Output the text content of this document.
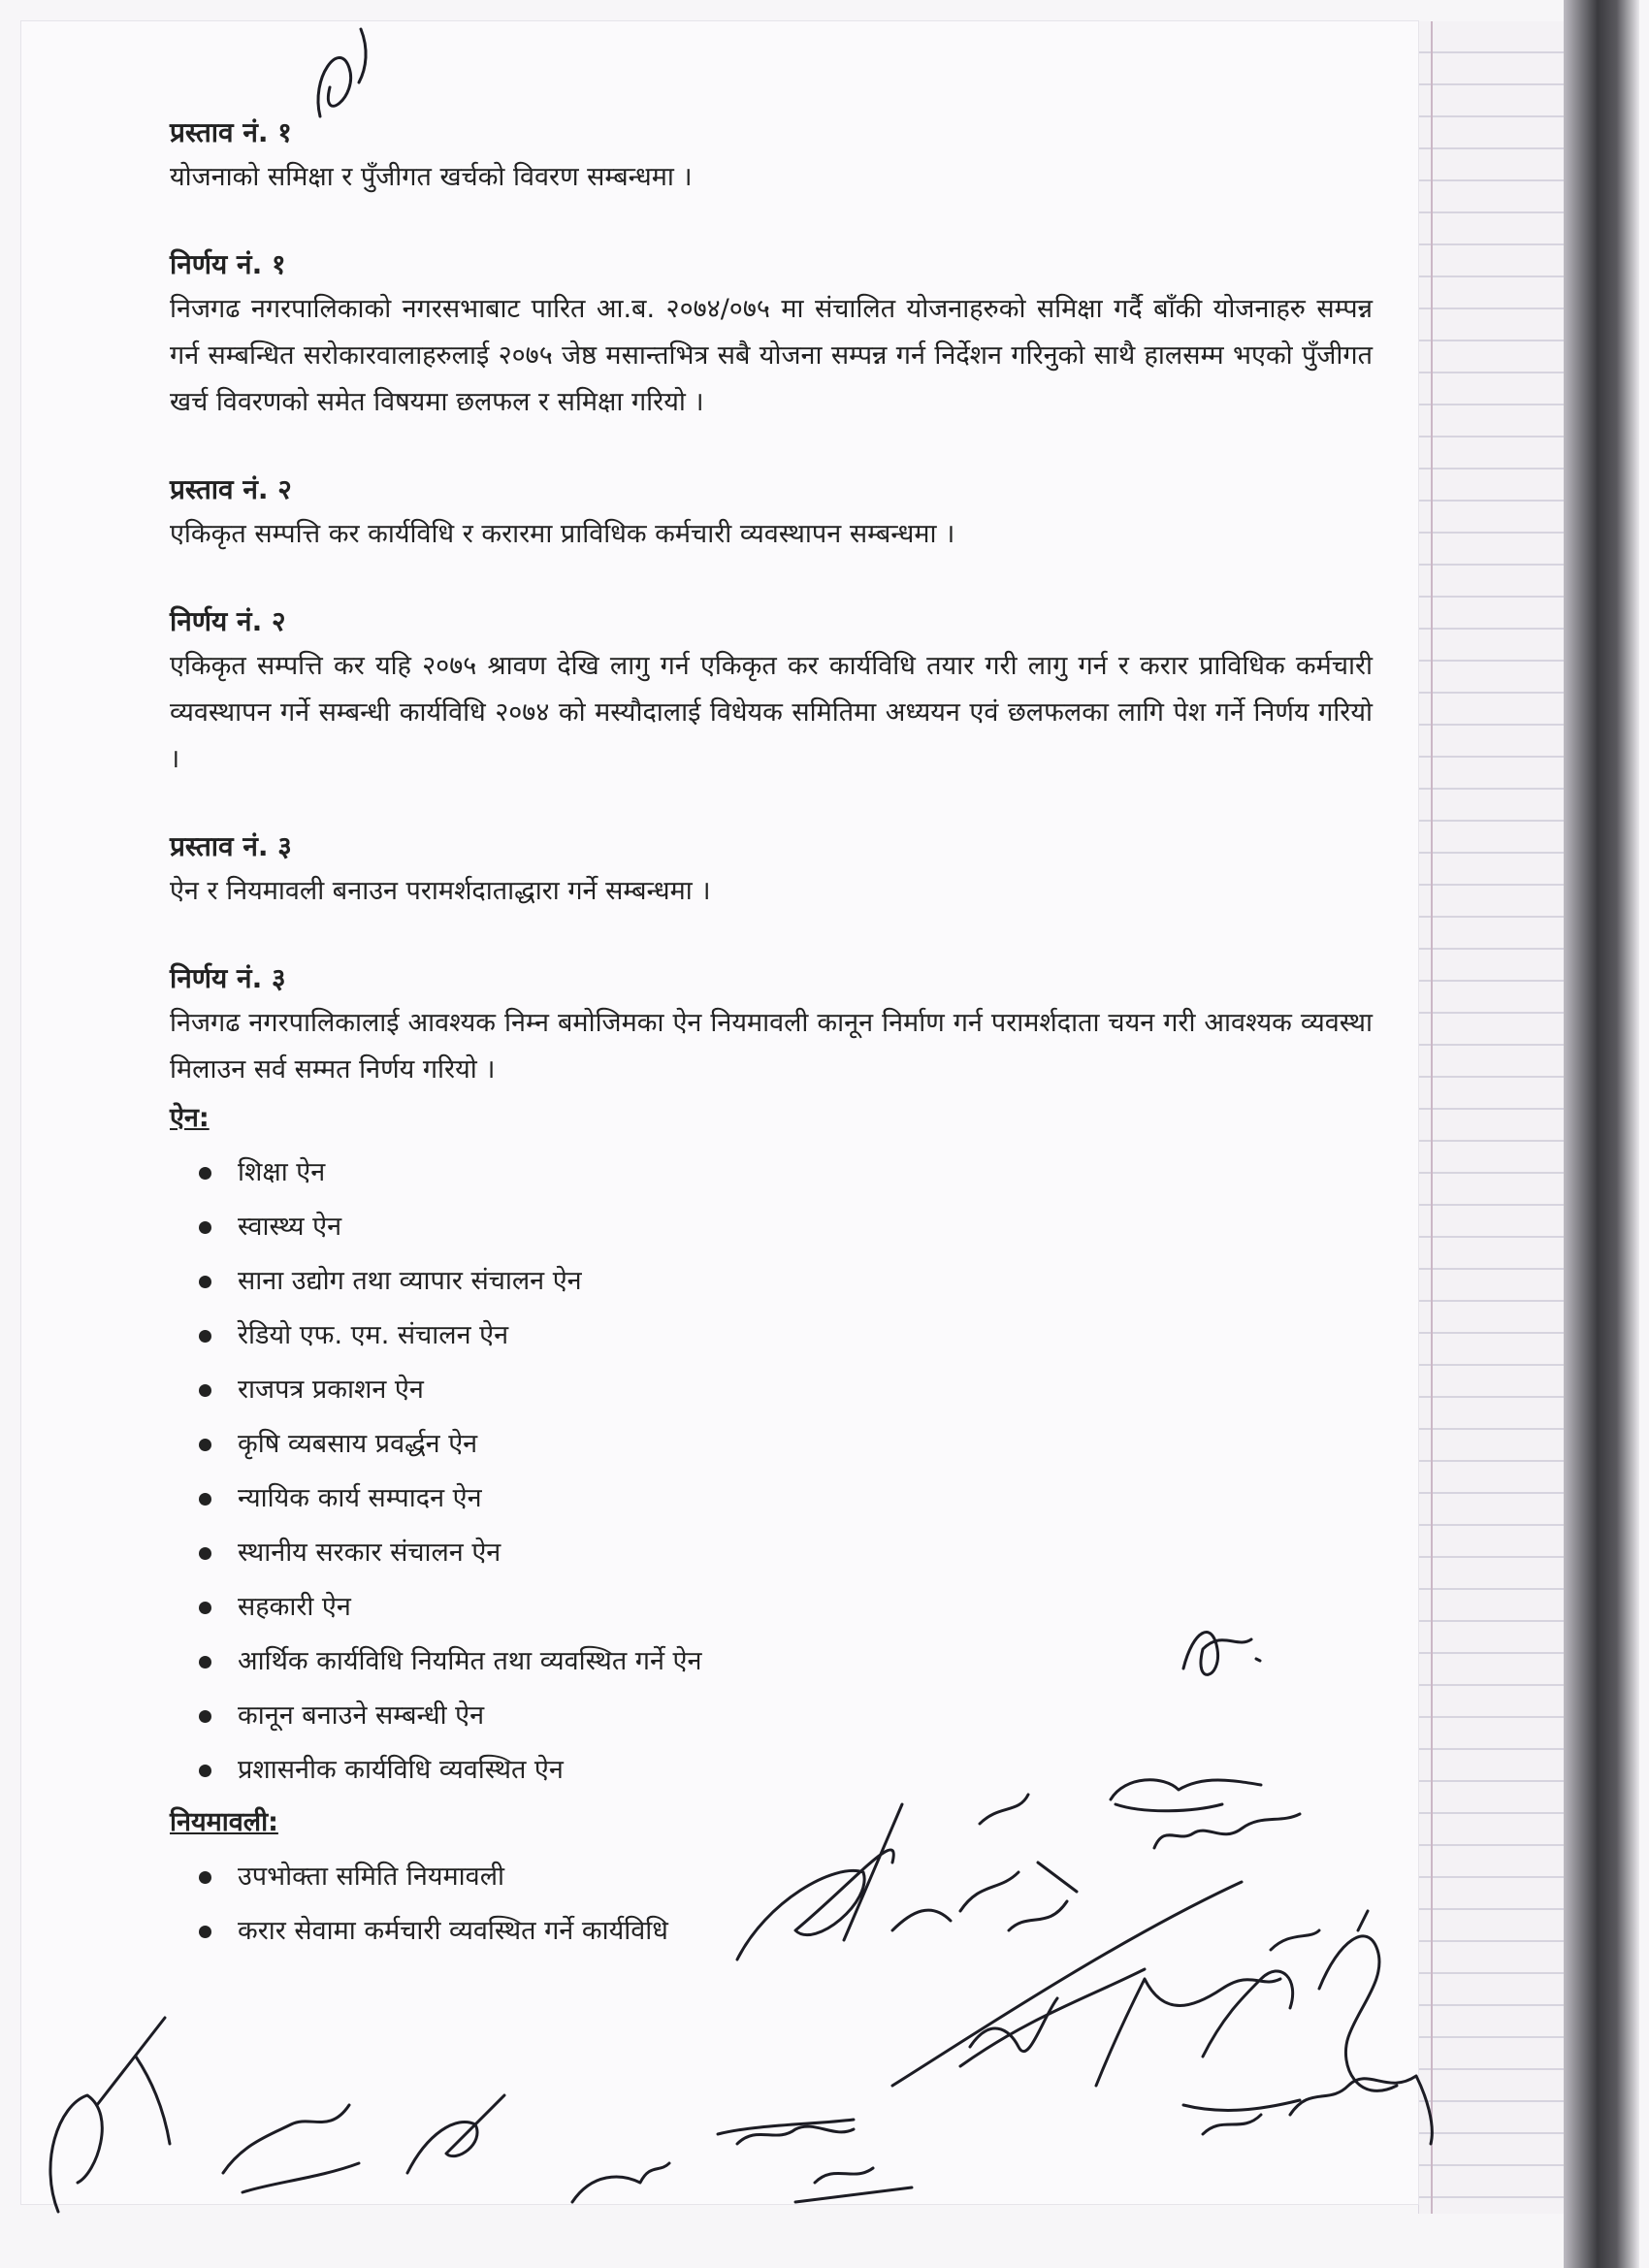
प्रस्ताव नं. १
योजनाको समिक्षा र पुँजीगत खर्चको विवरण सम्बन्धमा ।
निर्णय नं. १
निजगढ नगरपालिकाको नगरसभाबाट पारित आ.ब. २०७४/०७५ मा संचालित योजनाहरुको समिक्षा गर्दै बाँकी योजनाहरु सम्पन्न गर्न सम्बन्धित सरोकारवालाहरुलाई २०७५ जेष्ठ मसान्तभित्र सबै योजना सम्पन्न गर्न निर्देशन गरिनुको साथै हालसम्म भएको पुँजीगत खर्च विवरणको समेत विषयमा छलफल र समिक्षा गरियो ।
प्रस्ताव नं. २
एकिकृत सम्पत्ति कर कार्यविधि र करारमा प्राविधिक कर्मचारी व्यवस्थापन सम्बन्धमा ।
निर्णय नं. २
एकिकृत सम्पत्ति कर यहि २०७५ श्रावण देखि लागु गर्न एकिकृत कर कार्यविधि तयार गरी लागु गर्न र करार प्राविधिक कर्मचारी व्यवस्थापन गर्ने सम्बन्धी कार्यविधि २०७४ को मस्यौदालाई विधेयक समितिमा अध्ययन एवं छलफलका लागि पेश गर्ने निर्णय गरियो ।
प्रस्ताव नं. ३
ऐन र नियमावली बनाउन परामर्शदाताद्धारा गर्ने सम्बन्धमा ।
निर्णय नं. ३
निजगढ नगरपालिकालाई आवश्यक निम्न बमोजिमका ऐन नियमावली कानून निर्माण गर्न परामर्शदाता चयन गरी आवश्यक व्यवस्था मिलाउन सर्व सम्मत निर्णय गरियो ।
ऐन:
शिक्षा ऐन
स्वास्थ्य ऐन
साना उद्योग तथा व्यापार संचालन ऐन
रेडियो एफ. एम. संचालन ऐन
राजपत्र प्रकाशन ऐन
कृषि व्यबसाय प्रवर्द्धन ऐन
न्यायिक कार्य सम्पादन ऐन
स्थानीय सरकार संचालन ऐन
सहकारी ऐन
आर्थिक कार्यविधि नियमित तथा व्यवस्थित गर्ने ऐन
कानून बनाउने सम्बन्धी ऐन
प्रशासनीक कार्यविधि व्यवस्थित ऐन
नियमावली:
उपभोक्ता समिति नियमावली
करार सेवामा कर्मचारी व्यवस्थित गर्ने कार्यविधि
